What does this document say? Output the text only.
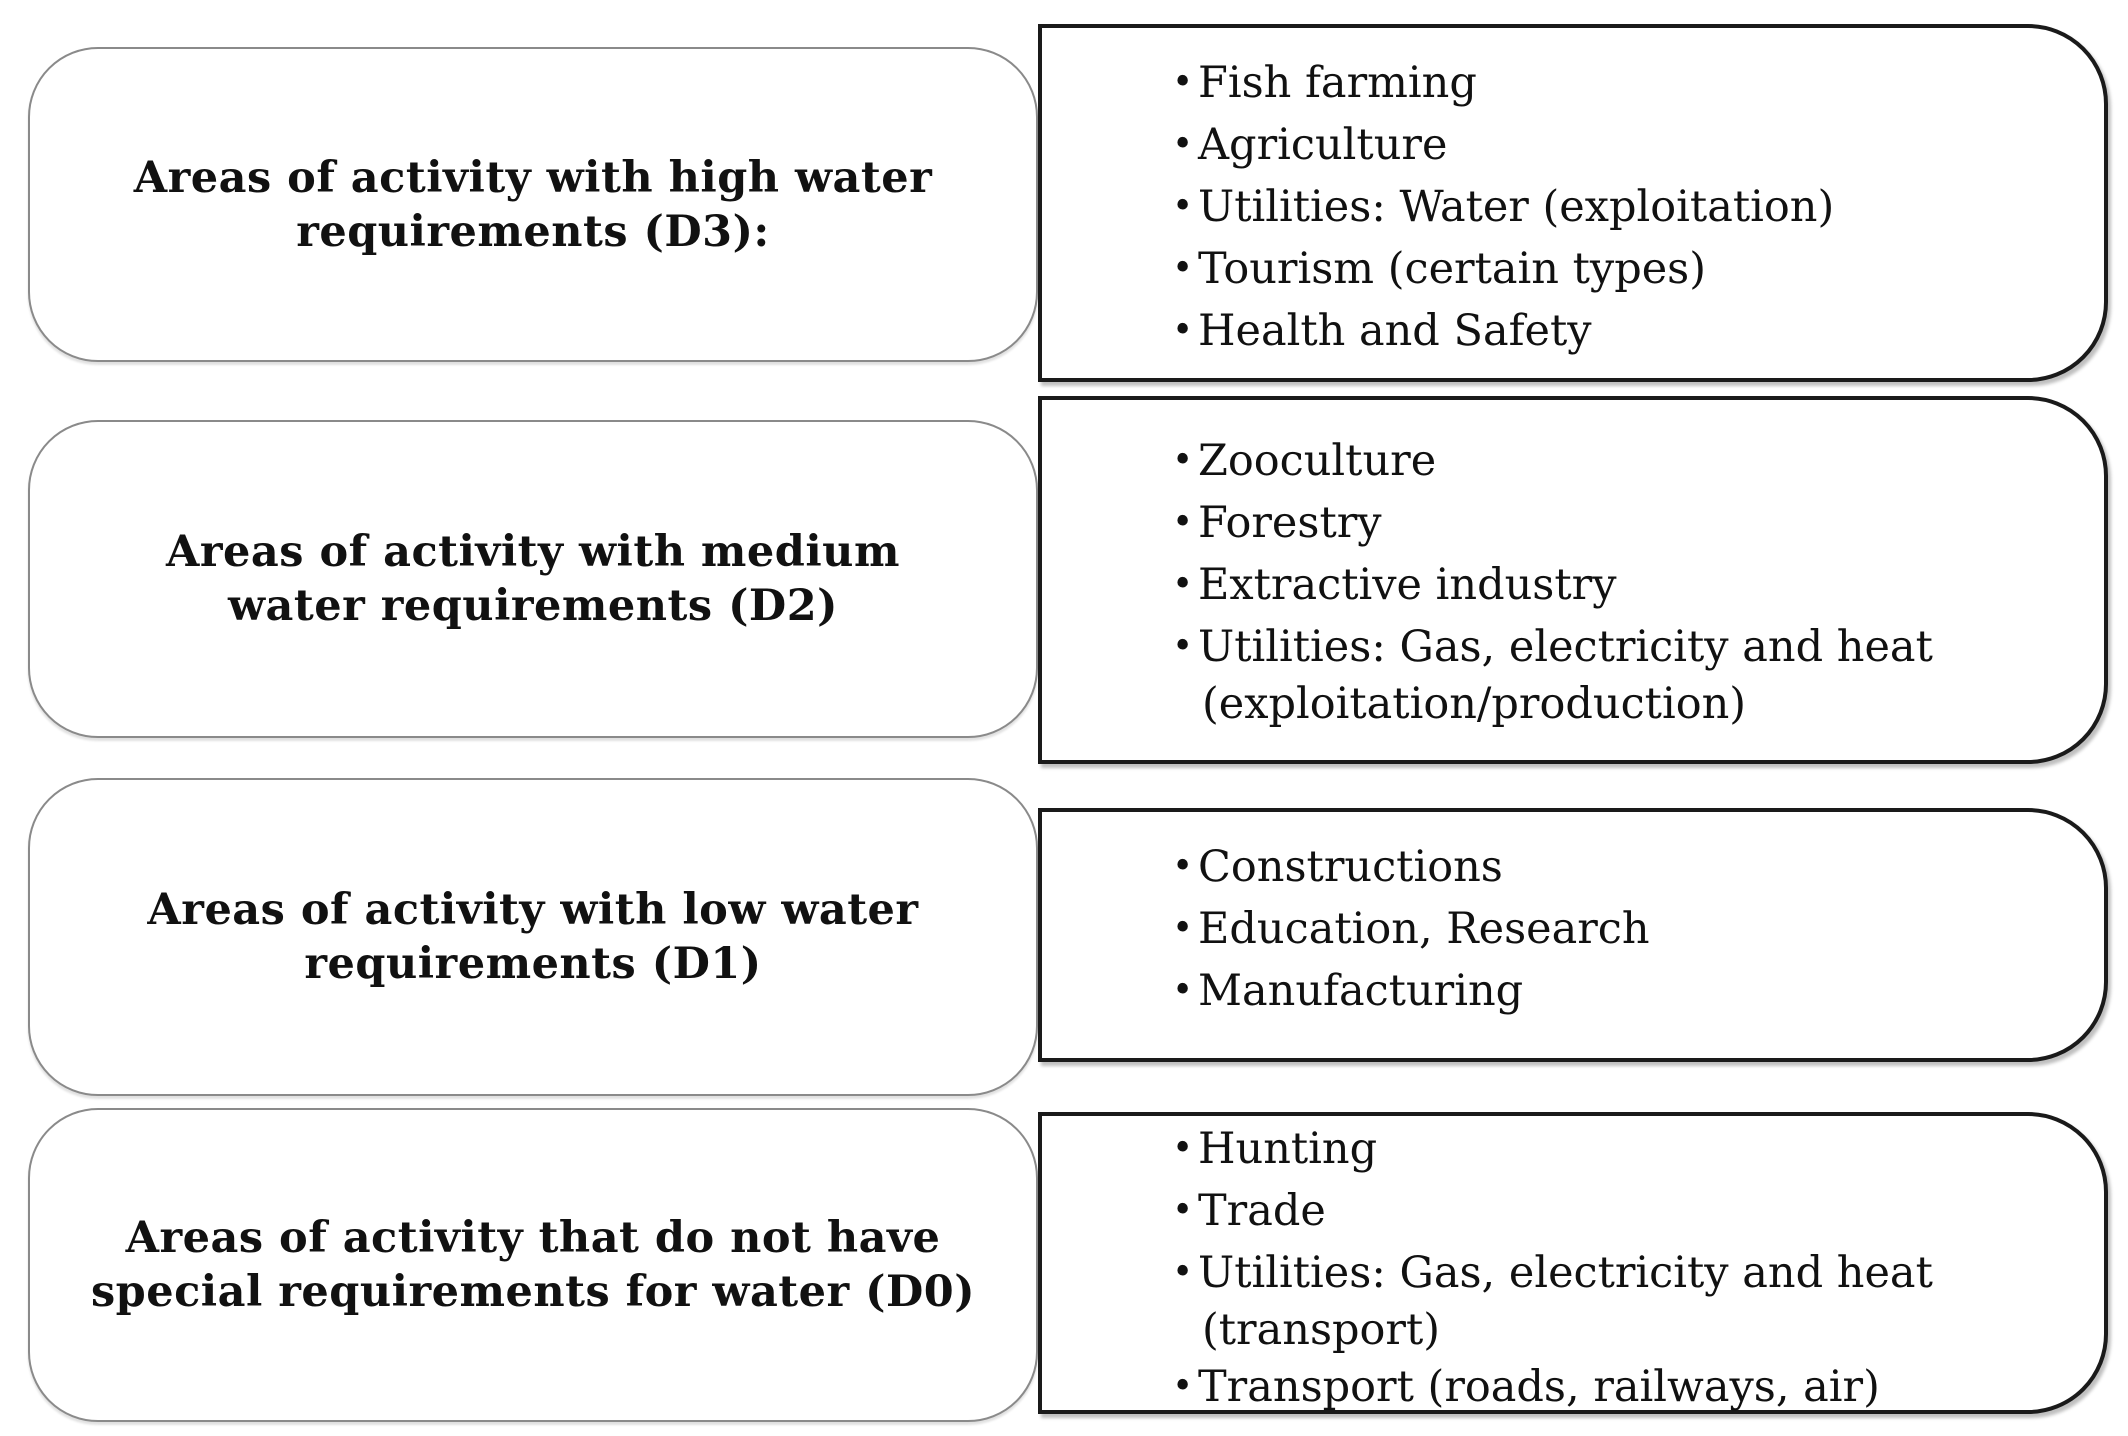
Areas of activity with high water requirements (D3):
• Fish farming
• Agriculture
• Utilities: Water (exploitation)
• Tourism (certain types)
• Health and Safety
Areas of activity with medium water requirements (D2)
• Zooculture
• Forestry
• Extractive industry
• Utilities: Gas, electricity and heat
(exploitation/production)
Areas of activity with low water requirements (D1)
• Constructions
• Education, Research
• Manufacturing
Areas of activity that do not have special requirements for water (D0)
• Hunting
• Trade
• Utilities: Gas, electricity and heat
(transport)
• Transport (roads, railways, air)
